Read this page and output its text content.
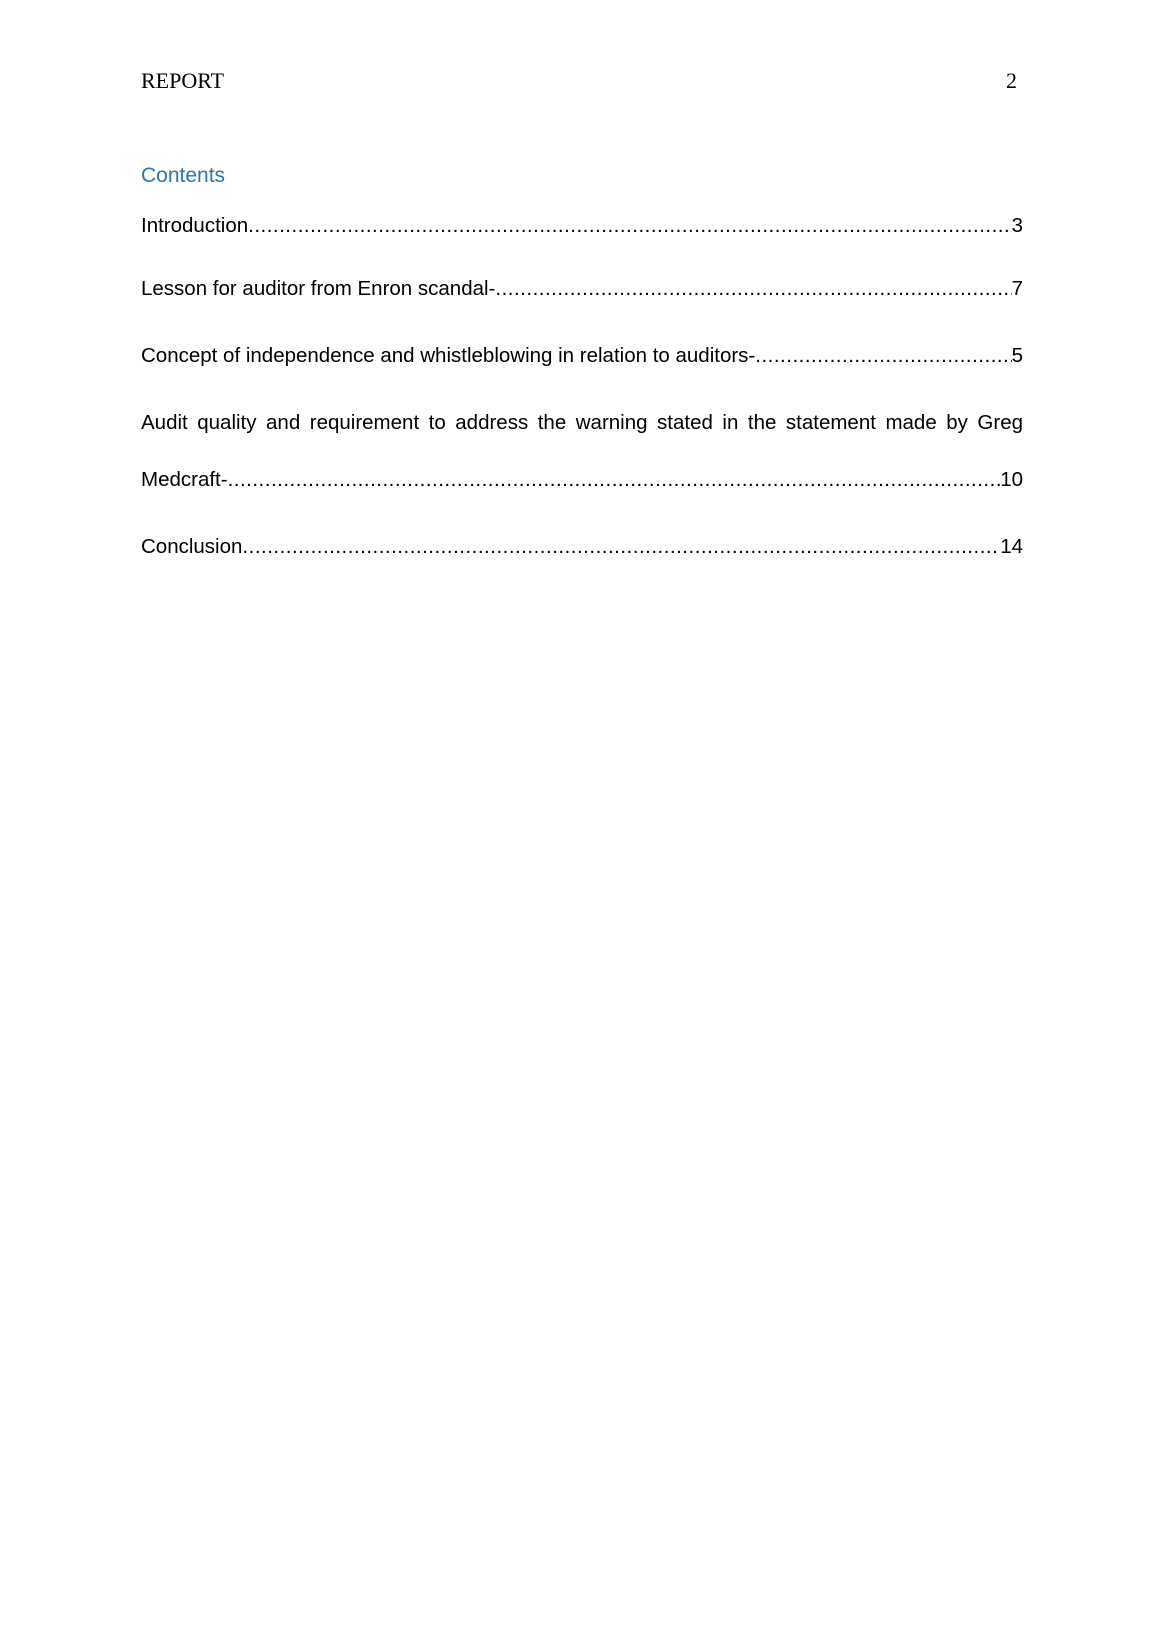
REPORT	2
Contents
Introduction .....	3
Lesson for auditor from Enron scandal- .....	7
Concept of independence and whistleblowing in relation to auditors- .....	5
Audit quality and requirement to address the warning stated in the statement made by Greg
Medcraft- .....	10
Conclusion .....	14
